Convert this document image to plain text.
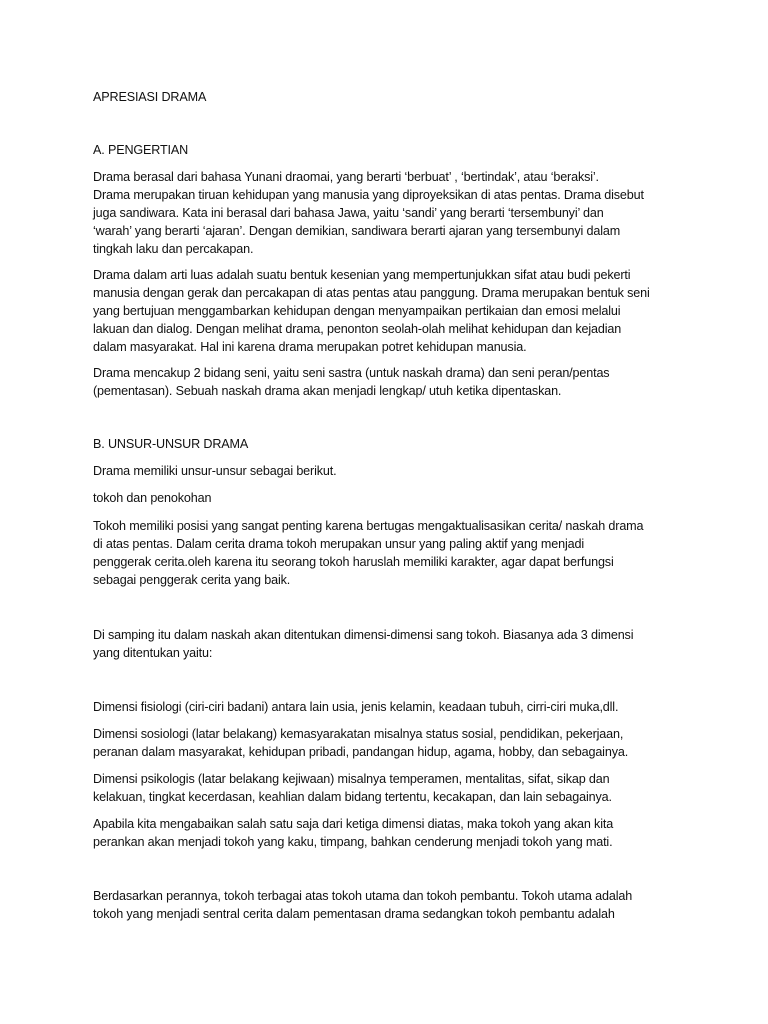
APRESIASI DRAMA
A. PENGERTIAN
B. UNSUR-UNSUR DRAMA
Drama berasal dari bahasa Yunani draomai, yang berarti ‘berbuat’ , ‘bertindak’, atau ‘beraksi’.
Drama merupakan tiruan kehidupan yang manusia yang diproyeksikan di atas pentas. Drama disebut
juga sandiwara. Kata ini berasal dari bahasa Jawa, yaitu ‘sandi’ yang berarti ‘tersembunyi’ dan
‘warah’ yang berarti ‘ajaran’. Dengan demikian, sandiwara berarti ajaran yang tersembunyi dalam
tingkah laku dan percakapan.
Drama dalam arti luas adalah suatu bentuk kesenian yang mempertunjukkan sifat atau budi pekerti
manusia dengan gerak dan percakapan di atas pentas atau panggung. Drama merupakan bentuk seni
yang bertujuan menggambarkan kehidupan dengan menyampaikan pertikaian dan emosi melalui
lakuan dan dialog. Dengan melihat drama, penonton seolah-olah melihat kehidupan dan kejadian
dalam masyarakat. Hal ini karena drama merupakan potret kehidupan manusia.
Drama mencakup 2 bidang seni, yaitu seni sastra (untuk naskah drama) dan seni peran/pentas
(pementasan). Sebuah naskah drama akan menjadi lengkap/ utuh ketika dipentaskan.
Drama memiliki unsur-unsur sebagai berikut.
tokoh dan penokohan
Tokoh memiliki posisi yang sangat penting karena bertugas mengaktualisasikan cerita/ naskah drama
di atas pentas. Dalam cerita drama tokoh merupakan unsur yang paling aktif yang menjadi
penggerak cerita.oleh karena itu seorang tokoh haruslah memiliki karakter, agar dapat berfungsi
sebagai penggerak cerita yang baik.
Di samping itu dalam naskah akan ditentukan dimensi-dimensi sang tokoh. Biasanya ada 3 dimensi
yang ditentukan yaitu:
Dimensi fisiologi (ciri-ciri badani) antara lain usia, jenis kelamin, keadaan tubuh, cirri-ciri muka,dll.
Dimensi sosiologi (latar belakang) kemasyarakatan misalnya status sosial, pendidikan, pekerjaan,
peranan dalam masyarakat, kehidupan pribadi, pandangan hidup, agama, hobby, dan sebagainya.
Dimensi psikologis (latar belakang kejiwaan) misalnya temperamen, mentalitas, sifat, sikap dan
kelakuan, tingkat kecerdasan, keahlian dalam bidang tertentu, kecakapan, dan lain sebagainya.
Apabila kita mengabaikan salah satu saja dari ketiga dimensi diatas, maka tokoh yang akan kita
perankan akan menjadi tokoh yang kaku, timpang, bahkan cenderung menjadi tokoh yang mati.
Berdasarkan perannya, tokoh terbagai atas tokoh utama dan tokoh pembantu. Tokoh utama adalah
tokoh yang menjadi sentral cerita dalam pementasan drama sedangkan tokoh pembantu adalah
